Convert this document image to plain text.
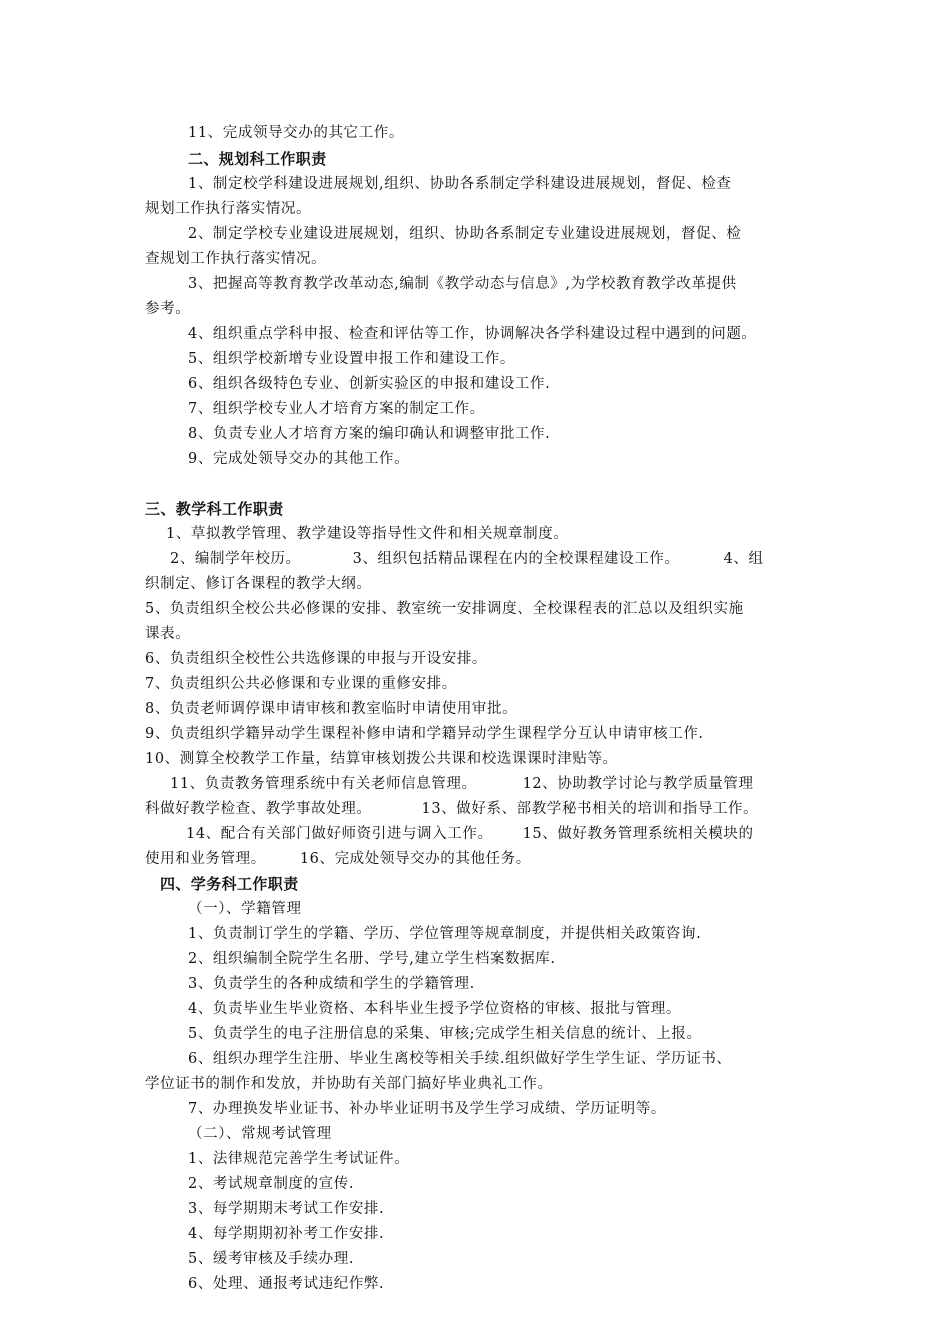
11、完成领导交办的其它工作。
二、规划科工作职责
1、制定校学科建设进展规划,组织、协助各系制定学科建设进展规划，督促、检查
规划工作执行落实情况。
2、制定学校专业建设进展规划，组织、协助各系制定专业建设进展规划，督促、检
查规划工作执行落实情况。
3、把握高等教育教学改革动态,编制《教学动态与信息》,为学校教育教学改革提供
参考。
4、组织重点学科申报、检查和评估等工作，协调解决各学科建设过程中遇到的问题。
5、组织学校新增专业设置申报工作和建设工作。
6、组织各级特色专业、创新实验区的申报和建设工作.
7、组织学校专业人才培育方案的制定工作。
8、负责专业人才培育方案的编印确认和调整审批工作.
9、完成处领导交办的其他工作。
三、教学科工作职责
1、草拟教学管理、教学建设等指导性文件和相关规章制度。
2、编制学年校历。	3、组织包括精品课程在内的全校课程建设工作。	4、组
织制定、修订各课程的教学大纲。
5、负责组织全校公共必修课的安排、教室统一安排调度、全校课程表的汇总以及组织实施
课表。
6、负责组织全校性公共选修课的申报与开设安排。
7、负责组织公共必修课和专业课的重修安排。
8、负责老师调停课申请审核和教室临时申请使用审批。
9、负责组织学籍异动学生课程补修申请和学籍异动学生课程学分互认申请审核工作.
10、测算全校教学工作量，结算审核划拨公共课和校选课课时津贴等。
11、负责教务管理系统中有关老师信息管理。	12、协助教学讨论与教学质量管理
科做好教学检查、教学事故处理。	13、做好系、部教学秘书相关的培训和指导工作。
14、配合有关部门做好师资引进与调入工作。 15、做好教务管理系统相关模块的
使用和业务管理。 16、完成处领导交办的其他任务。
四、学务科工作职责
（一）、学籍管理
1、负责制订学生的学籍、学历、学位管理等规章制度，并提供相关政策咨询.
2、组织编制全院学生名册、学号,建立学生档案数据库.
3、负责学生的各种成绩和学生的学籍管理.
4、负责毕业生毕业资格、本科毕业生授予学位资格的审核、报批与管理。
5、负责学生的电子注册信息的采集、审核;完成学生相关信息的统计、上报。
6、组织办理学生注册、毕业生离校等相关手续.组织做好学生学生证、学历证书、
学位证书的制作和发放，并协助有关部门搞好毕业典礼工作。
7、办理换发毕业证书、补办毕业证明书及学生学习成绩、学历证明等。
（二）、常规考试管理
1、法律规范完善学生考试证件。
2、考试规章制度的宣传.
3、每学期期末考试工作安排.
4、每学期期初补考工作安排.
5、缓考审核及手续办理.
6、处理、通报考试违纪作弊.
